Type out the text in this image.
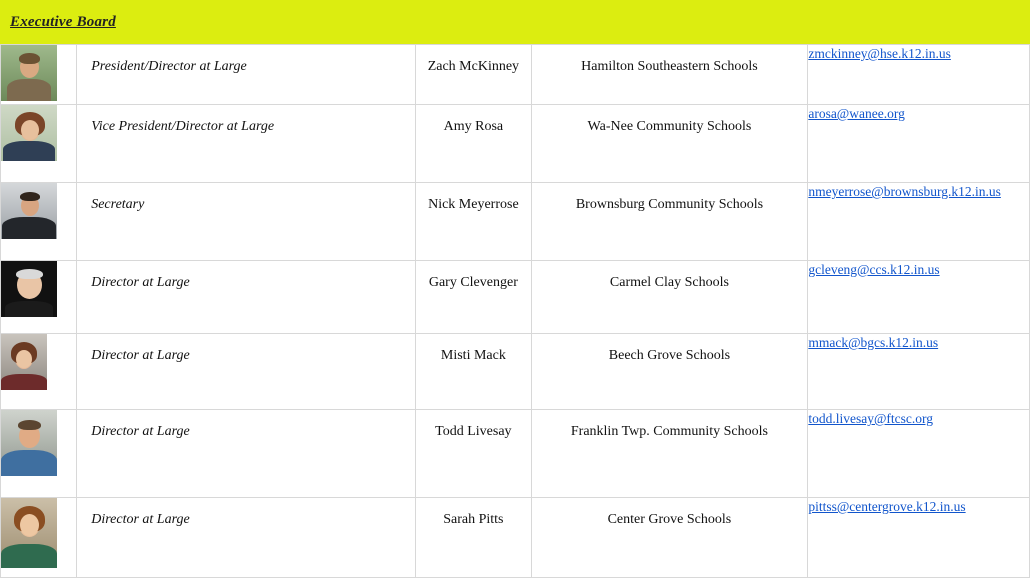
Executive Board

	President/Director at Large	Zach McKinney	Hamilton Southeastern Schools	zmckinney@hse.k12.in.us

	Vice President/Director at Large	Amy Rosa	Wa-Nee Community Schools	arosa@wanee.org

	Secretary	Nick Meyerrose	Brownsburg Community Schools	nmeyerrose@brownsburg.k12.in.us

	Director at Large	Gary Clevenger	Carmel Clay Schools	gcleveng@ccs.k12.in.us

	Director at Large	Misti Mack	Beech Grove Schools	mmack@bgcs.k12.in.us

	Director at Large	Todd Livesay	Franklin Twp. Community Schools	todd.livesay@ftcsc.org

	Director at Large	Sarah Pitts	Center Grove Schools	pittss@centergrove.k12.in.us
